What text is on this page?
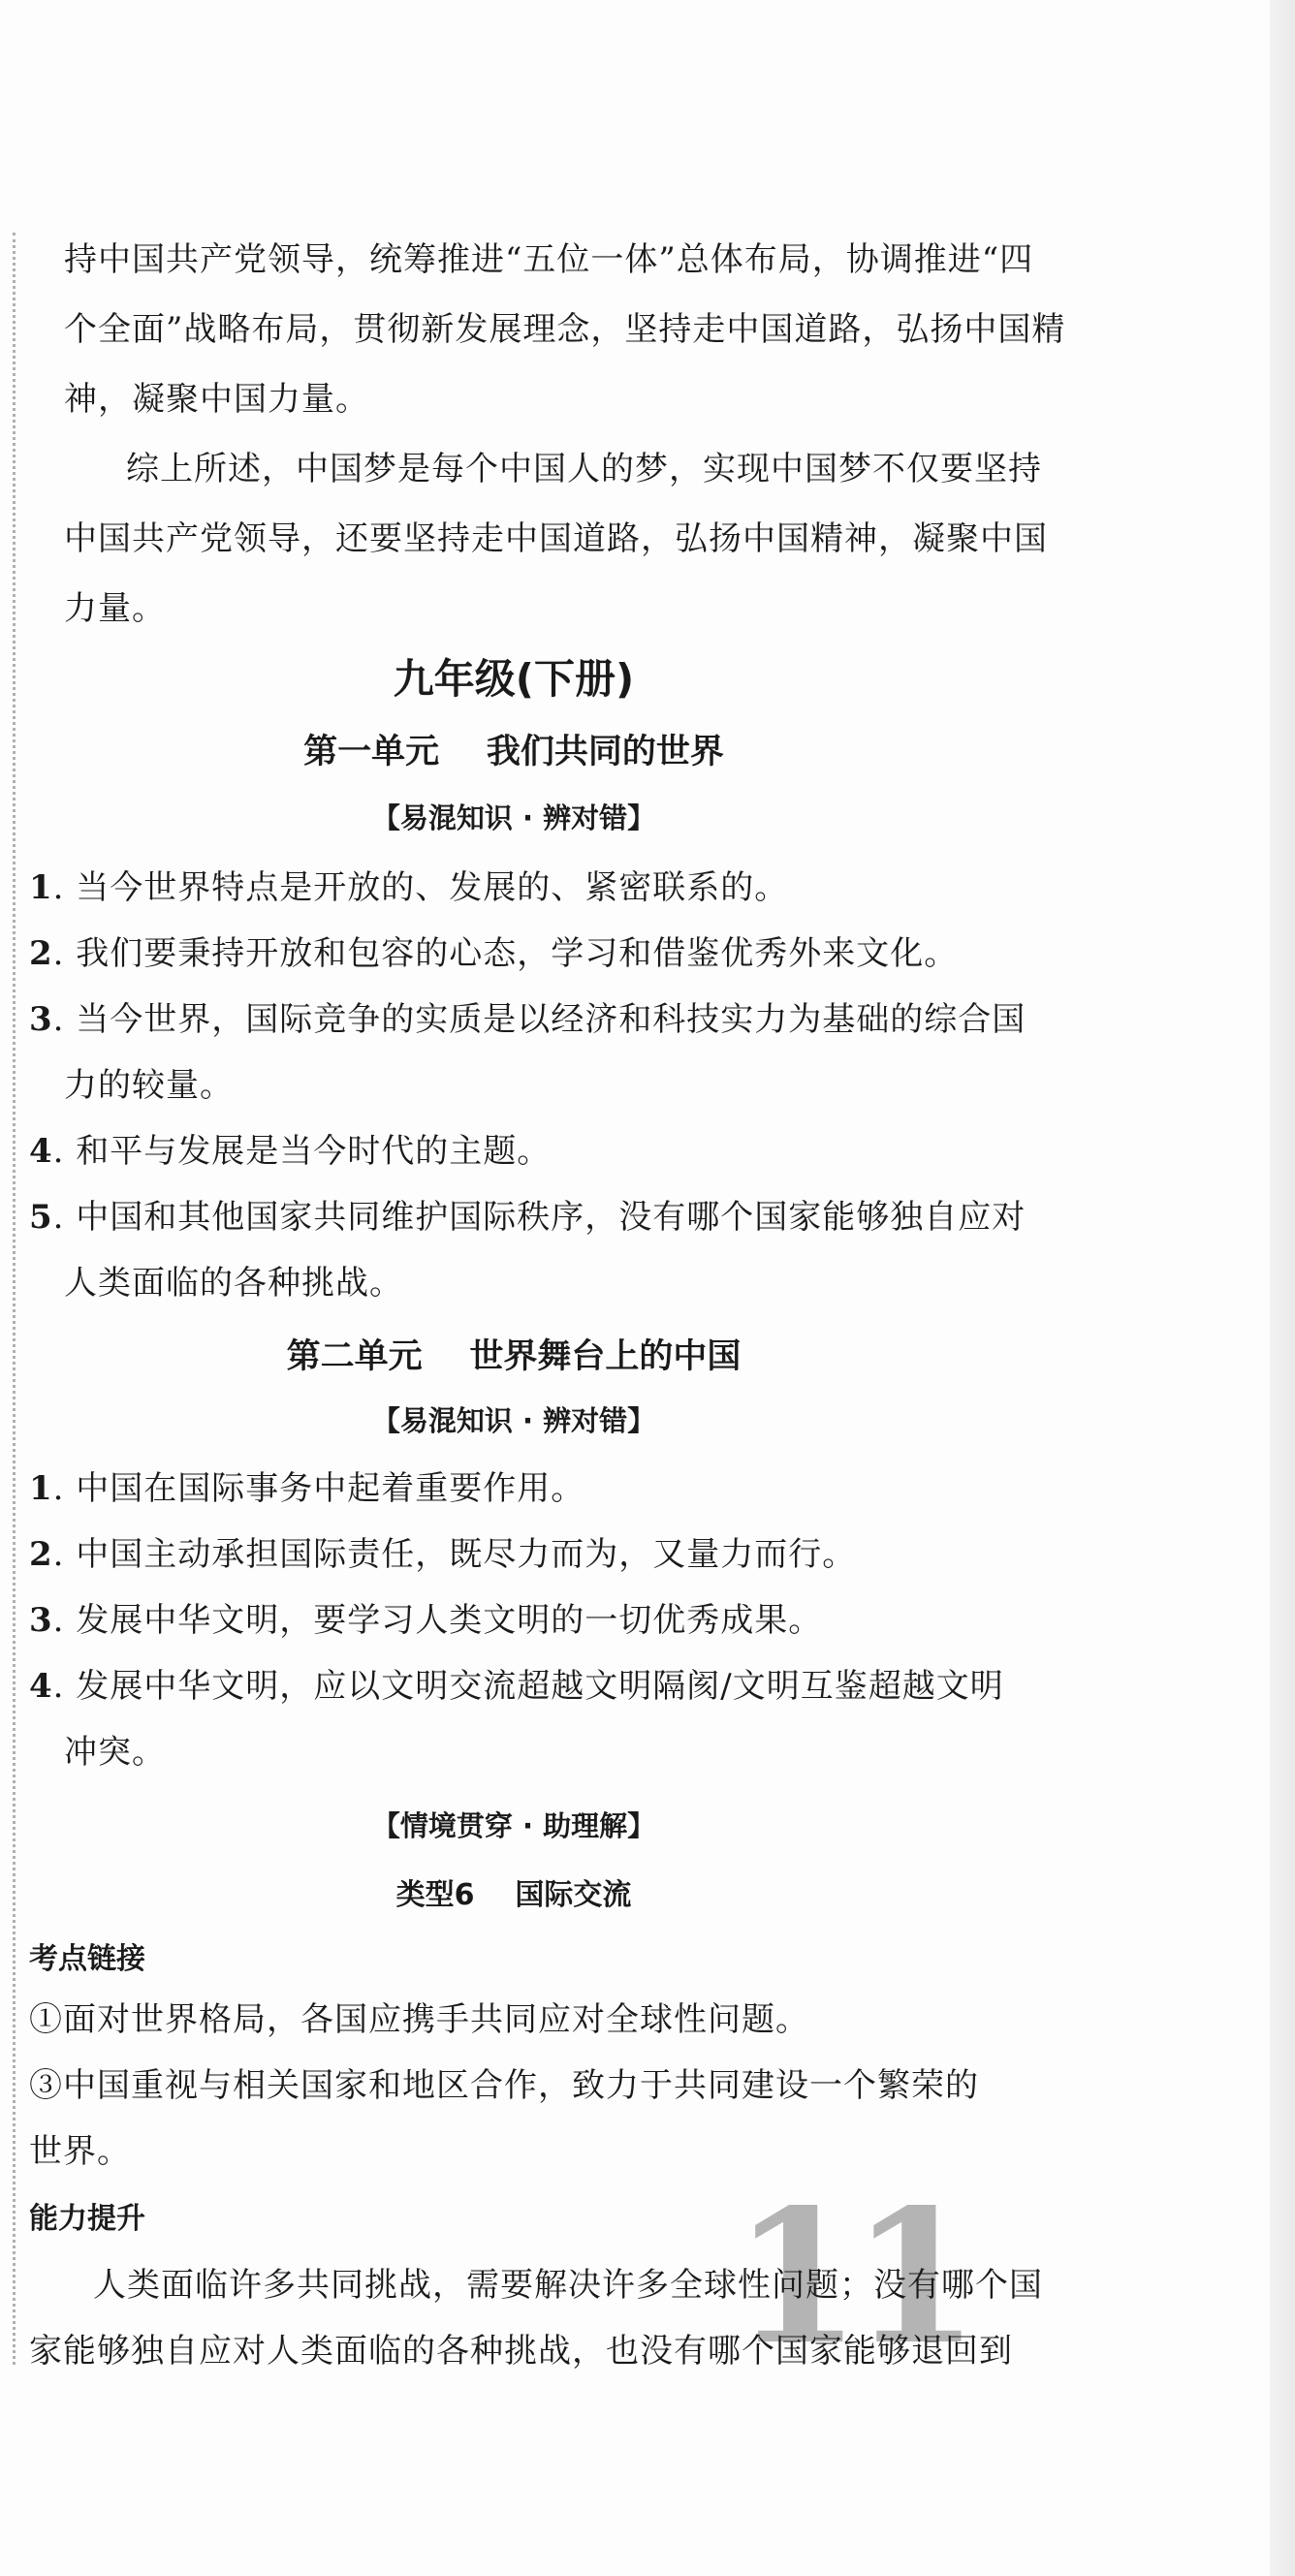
持中国共产党领导，统筹推进“五位一体”总体布局，协调推进“四
个全面”战略布局，贯彻新发展理念，坚持走中国道路，弘扬中国精
神，凝聚中国力量。
综上所述，中国梦是每个中国人的梦，实现中国梦不仅要坚持
中国共产党领导，还要坚持走中国道路，弘扬中国精神，凝聚中国
力量。
九年级(下册)
第一单元    我们共同的世界
【易混知识 · 辨对错】
1. 当今世界特点是开放的、发展的、紧密联系的。
2. 我们要秉持开放和包容的心态，学习和借鉴优秀外来文化。
3. 当今世界，国际竞争的实质是以经济和科技实力为基础的综合国
力的较量。
4. 和平与发展是当今时代的主题。
5. 中国和其他国家共同维护国际秩序，没有哪个国家能够独自应对
人类面临的各种挑战。
第二单元    世界舞台上的中国
【易混知识 · 辨对错】
1. 中国在国际事务中起着重要作用。
2. 中国主动承担国际责任，既尽力而为，又量力而行。
3. 发展中华文明，要学习人类文明的一切优秀成果。
4. 发展中华文明，应以文明交流超越文明隔阂/文明互鉴超越文明
冲突。
【情境贯穿 · 助理解】
类型6    国际交流
考点链接
①面对世界格局，各国应携手共同应对全球性问题。
③中国重视与相关国家和地区合作，致力于共同建设一个繁荣的
世界。
能力提升	11
人类面临许多共同挑战，需要解决许多全球性问题；没有哪个国
家能够独自应对人类面临的各种挑战，也没有哪个国家能够退回到
